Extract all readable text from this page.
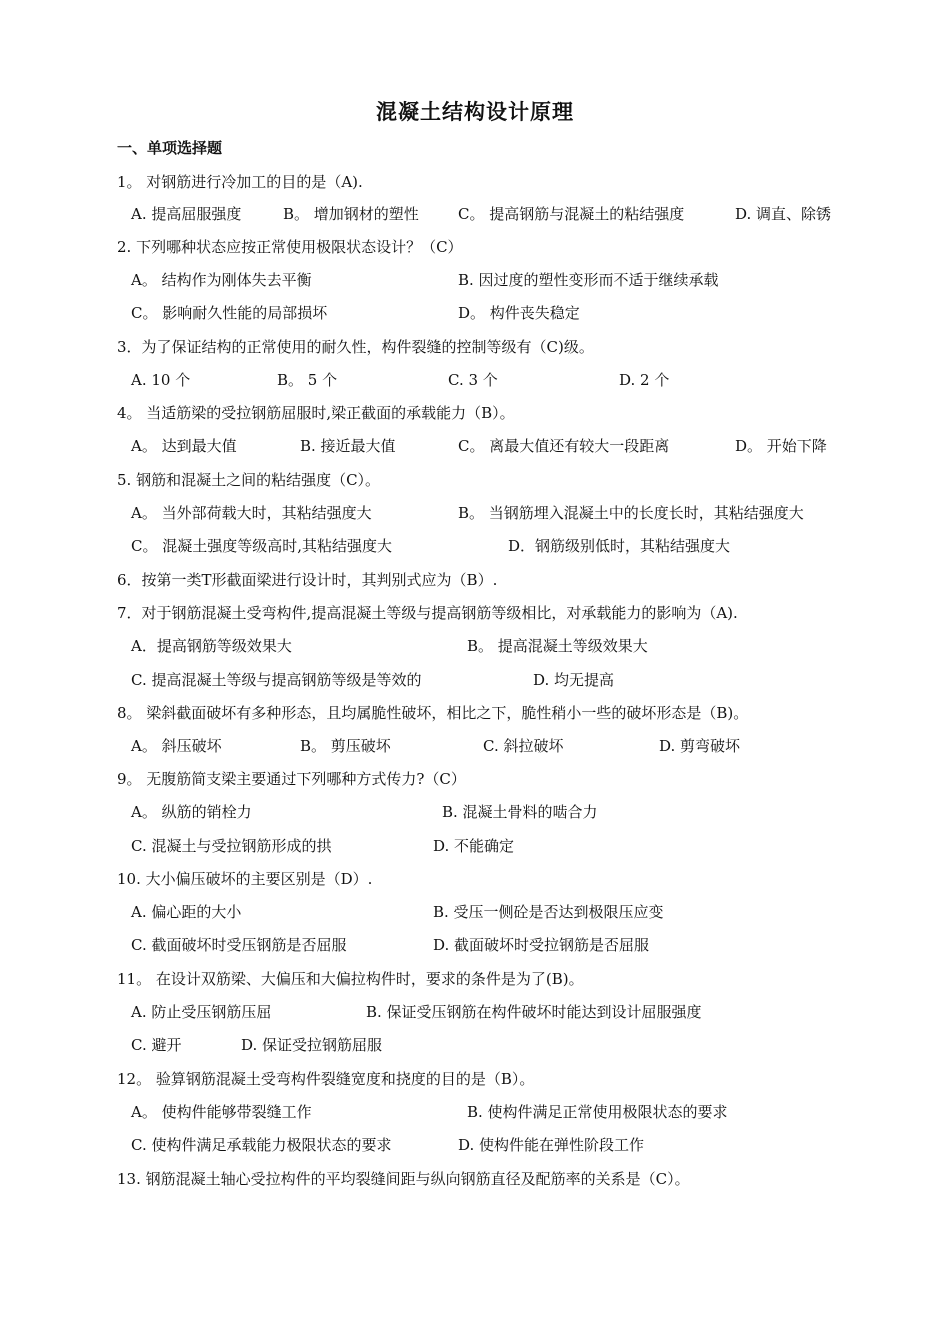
混凝土结构设计原理
一、单项选择题
1。 对钢筋进行冷加工的目的是（A).
A. 提高屈服强度	B。 增加钢材的塑性	C。 提高钢筋与混凝土的粘结强度	D. 调直、除锈
2. 下列哪种状态应按正常使用极限状态设计？（C）
A。 结构作为刚体失去平衡	B. 因过度的塑性变形而不适于继续承载
C。 影响耐久性能的局部损坏	D。 构件丧失稳定
3．为了保证结构的正常使用的耐久性，构件裂缝的控制等级有（C)级。
A. 10 个	B。 5 个	C. 3 个	D. 2 个
4。 当适筋梁的受拉钢筋屈服时,梁正截面的承载能力（B）。
A。 达到最大值	B. 接近最大值	C。 离最大值还有较大一段距离	D。 开始下降
5. 钢筋和混凝土之间的粘结强度（C）。
A。 当外部荷载大时，其粘结强度大	B。 当钢筋埋入混凝土中的长度长时，其粘结强度大
C。 混凝土强度等级高时,其粘结强度大	D．钢筋级别低时，其粘结强度大
6．按第一类T形截面梁进行设计时，其判别式应为（B）.
7．对于钢筋混凝土受弯构件,提高混凝土等级与提高钢筋等级相比，对承载能力的影响为（A).
A．提高钢筋等级效果大	B。 提高混凝土等级效果大
C. 提高混凝土等级与提高钢筋等级是等效的	D. 均无提高
8。 梁斜截面破坏有多种形态，且均属脆性破坏，相比之下，脆性稍小一些的破坏形态是（B)。
A。 斜压破坏	B。 剪压破坏	C. 斜拉破坏	D. 剪弯破坏
9。 无腹筋简支梁主要通过下列哪种方式传力?（C）
A。 纵筋的销栓力	B. 混凝土骨料的啮合力
C. 混凝土与受拉钢筋形成的拱	D. 不能确定
10. 大小偏压破坏的主要区别是（D）.
A. 偏心距的大小	B. 受压一侧砼是否达到极限压应变
C. 截面破坏时受压钢筋是否屈服	D. 截面破坏时受拉钢筋是否屈服
11。 在设计双筋梁、大偏压和大偏拉构件时，要求的条件是为了(B)。
A. 防止受压钢筋压屈	B. 保证受压钢筋在构件破坏时能达到设计屈服强度
C. 避开	D. 保证受拉钢筋屈服
12。 验算钢筋混凝土受弯构件裂缝宽度和挠度的目的是（B）。
A。 使构件能够带裂缝工作	B. 使构件满足正常使用极限状态的要求
C. 使构件满足承载能力极限状态的要求	D. 使构件能在弹性阶段工作
13. 钢筋混凝土轴心受拉构件的平均裂缝间距与纵向钢筋直径及配筋率的关系是（C）。
